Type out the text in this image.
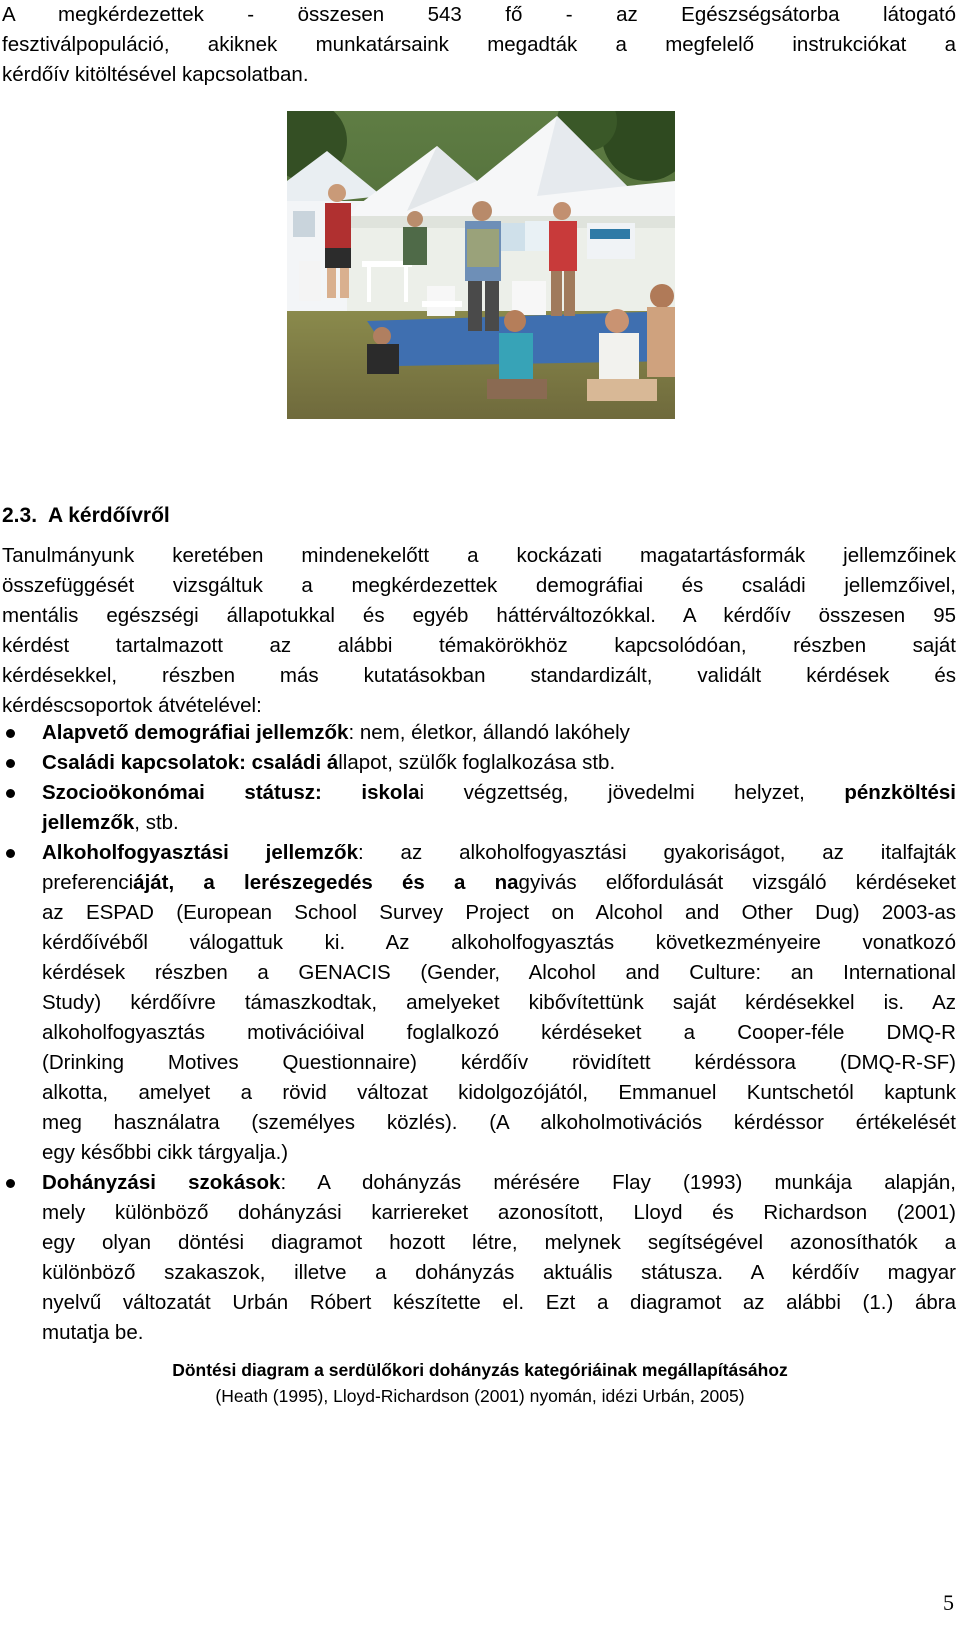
A megkérdezettek - összesen 543 fő - az Egészségsátorba látogató
fesztiválpopuláció, akiknek munkatársaink megadták a megfelelő instrukciókat a
kérdőív kitöltésével kapcsolatban.
2.3. A kérdőívről
Tanulmányunk keretében mindenekelőtt a kockázati magatartásformák jellemzőinek
összefüggését vizsgáltuk a megkérdezettek demográfiai és családi jellemzőivel,
mentális egészségi állapotukkal és egyéb háttérváltozókkal. A kérdőív összesen 95
kérdést tartalmazott az alábbi témakörökhöz kapcsolódóan, részben saját
kérdésekkel, részben más kutatásokban standardizált, validált kérdések és
kérdéscsoportok átvételével:
Alapvető demográfiai jellemzők: nem, életkor, állandó lakóhely
Családi kapcsolatok: családi állapot, szülők foglalkozása stb.
Szocioökonómai státusz: iskolai végzettség, jövedelmi helyzet, pénzköltési
jellemzők, stb.
Alkoholfogyasztási jellemzők: az alkoholfogyasztási gyakoriságot, az italfajták
preferenciáját, a lerészegedés és a nagyivás előfordulását vizsgáló kérdéseket
az ESPAD (European School Survey Project on Alcohol and Other Dug) 2003-as
kérdőívéből válogattuk ki. Az alkoholfogyasztás következményeire vonatkozó
kérdések részben a GENACIS (Gender, Alcohol and Culture: an International
Study) kérdőívre támaszkodtak, amelyeket kibővítettünk saját kérdésekkel is. Az
alkoholfogyasztás motivációival foglalkozó kérdéseket a Cooper-féle DMQ-R
(Drinking Motives Questionnaire) kérdőív rövidített kérdéssora (DMQ-R-SF)
alkotta, amelyet a rövid változat kidolgozójától, Emmanuel Kuntschetól kaptunk
meg használatra (személyes közlés). (A alkoholmotivációs kérdéssor értékelését
egy későbbi cikk tárgyalja.)
Dohányzási szokások: A dohányzás mérésére Flay (1993) munkája alapján,
mely különböző dohányzási karriereket azonosított, Lloyd és Richardson (2001)
egy olyan döntési diagramot hozott létre, melynek segítségével azonosíthatók a
különböző szakaszok, illetve a dohányzás aktuális státusza. A kérdőív magyar
nyelvű változatát Urbán Róbert készítette el. Ezt a diagramot az alábbi (1.) ábra
mutatja be.
Döntési diagram a serdülőkori dohányzás kategóriáinak megállapításához
(Heath (1995), Lloyd-Richardson (2001) nyomán, idézi Urbán, 2005)
5
